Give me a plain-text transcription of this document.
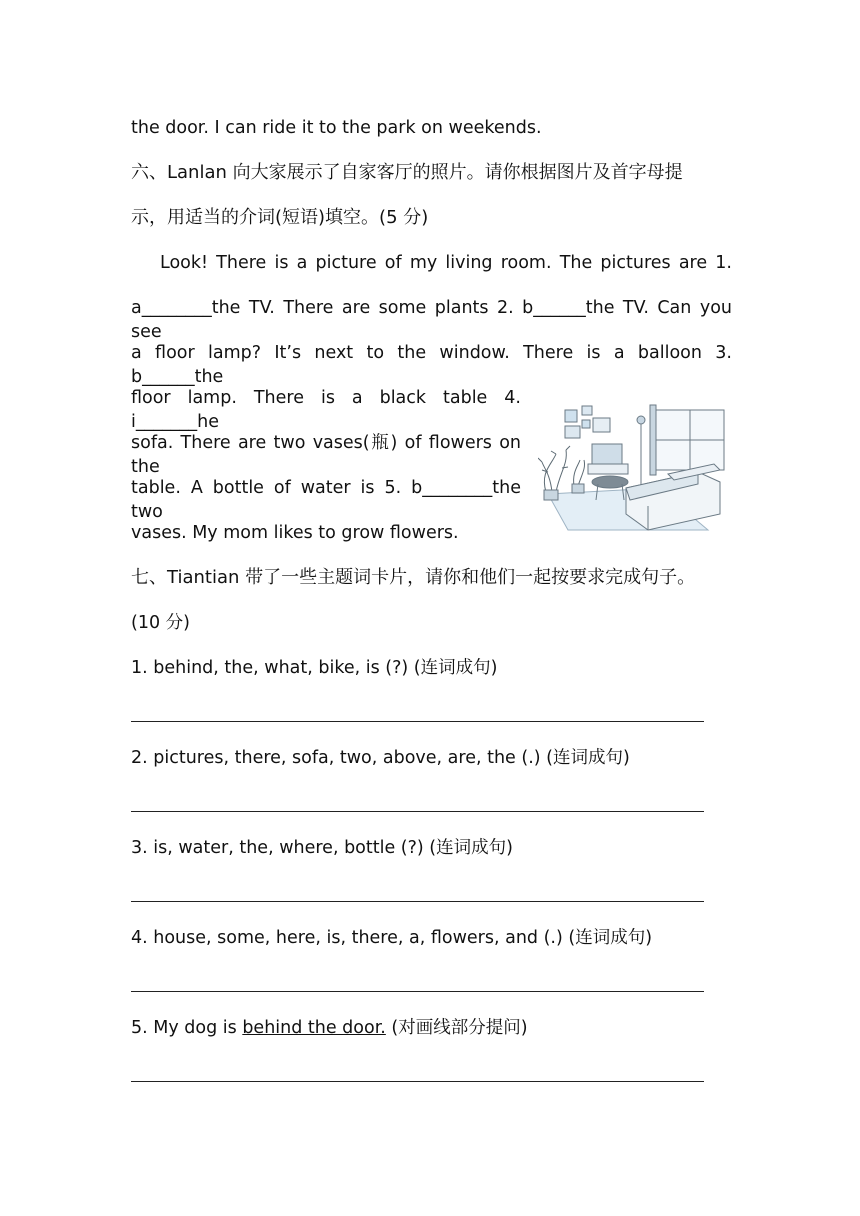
the door. I can ride it to the park on weekends.
六、Lanlan 向大家展示了自家客厅的照片。请你根据图片及首字母提
示，用适当的介词(短语)填空。(5 分)
Look! There is a picture of my living room. The pictures are 1.
a________the TV. There are some plants 2. b______the TV. Can you see
a floor lamp? It’s next to the window. There is a balloon 3. b______the
floor lamp. There is a black table 4. i_______he
sofa. There are two vases(瓶) of flowers on the
table. A bottle of water is 5. b________the two
vases. My mom likes to grow flowers.
七、Tiantian 带了一些主题词卡片，请你和他们一起按要求完成句子。
(10 分)
1. behind, the, what, bike, is (?) (连词成句)
2. pictures, there, sofa, two, above, are, the (.) (连词成句)
3. is, water, the, where, bottle (?) (连词成句)
4. house, some, here, is, there, a, flowers, and (.) (连词成句)
5. My dog is behind the door. (对画线部分提问)
